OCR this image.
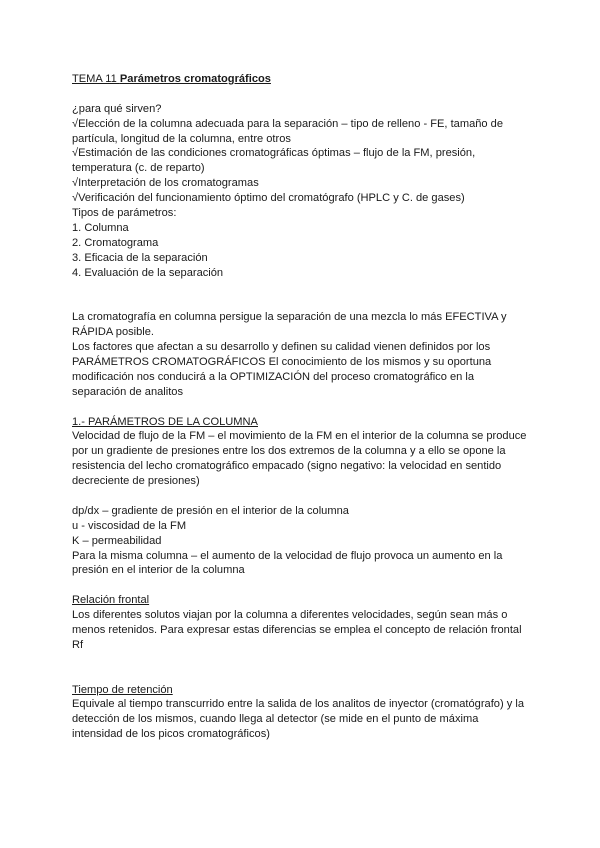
TEMA 11 Parámetros cromatográficos
¿para qué sirven?
√Elección de la columna adecuada para la separación – tipo de relleno - FE, tamaño de
partícula, longitud de la columna, entre otros
√Estimación de las condiciones cromatográficas óptimas – flujo de la FM, presión,
temperatura (c. de reparto)
√Interpretación de los cromatogramas
√Verificación del funcionamiento óptimo del cromatógrafo (HPLC y C. de gases)
Tipos de parámetros:
1. Columna
2. Cromatograma
3. Eficacia de la separación
4. Evaluación de la separación
La cromatografía en columna persigue la separación de una mezcla lo más EFECTIVA y
RÁPIDA posible.
Los factores que afectan a su desarrollo y definen su calidad vienen definidos por los
PARÁMETROS CROMATOGRÁFICOS El conocimiento de los mismos y su oportuna
modificación nos conducirá a la OPTIMIZACIÓN del proceso cromatográfico en la
separación de analitos
1.- PARÁMETROS DE LA COLUMNA
Velocidad de flujo de la FM – el movimiento de la FM en el interior de la columna se produce
por un gradiente de presiones entre los dos extremos de la columna y a ello se opone la
resistencia del lecho cromatográfico empacado (signo negativo: la velocidad en sentido
decreciente de presiones)
dp/dx – gradiente de presión en el interior de la columna
u - viscosidad de la FM
K – permeabilidad
Para la misma columna – el aumento de la velocidad de flujo provoca un aumento en la
presión en el interior de la columna
Relación frontal
Los diferentes solutos viajan por la columna a diferentes velocidades, según sean más o
menos retenidos. Para expresar estas diferencias se emplea el concepto de relación frontal
Rf
Tiempo de retención
Equivale al tiempo transcurrido entre la salida de los analitos de inyector (cromatógrafo) y la
detección de los mismos, cuando llega al detector (se mide en el punto de máxima
intensidad de los picos cromatográficos)
